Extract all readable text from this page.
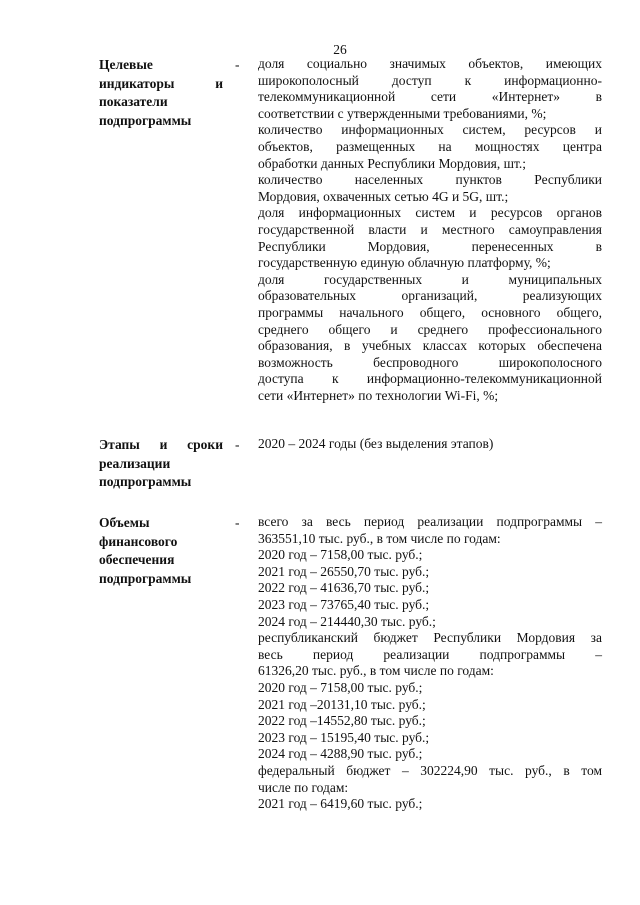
26
Целевые
индикаторы и
показатели
подпрограммы
- доля социально значимых объектов, имеющих
широкополосный доступ к информационно-
телекоммуникационной сети «Интернет» в
соответствии с утвержденными требованиями, %;
количество информационных систем, ресурсов и
объектов, размещенных на мощностях центра
обработки данных Республики Мордовия, шт.;
количество населенных пунктов Республики
Мордовия, охваченных сетью 4G и 5G, шт.;
доля информационных систем и ресурсов органов
государственной власти и местного самоуправления
Республики Мордовия, перенесенных в
государственную единую облачную платформу, %;
доля государственных и муниципальных
образовательных организаций, реализующих
программы начального общего, основного общего,
среднего общего и среднего профессионального
образования, в учебных классах которых обеспечена
возможность беспроводного широкополосного
доступа к информационно-телекоммуникационной
сети «Интернет» по технологии Wi-Fi, %;
Этапы и сроки
реализации
подпрограммы
- 2020 – 2024 годы (без выделения этапов)
Объемы
финансового
обеспечения
подпрограммы
- всего за весь период реализации подпрограммы –
363551,10 тыс. руб., в том числе по годам:
2020 год – 7158,00 тыс. руб.;
2021 год – 26550,70 тыс. руб.;
2022 год – 41636,70 тыс. руб.;
2023 год – 73765,40 тыс. руб.;
2024 год – 214440,30 тыс. руб.;
республиканский бюджет Республики Мордовия за
весь период реализации подпрограммы –
61326,20 тыс. руб., в том числе по годам:
2020 год – 7158,00 тыс. руб.;
2021 год –20131,10 тыс. руб.;
2022 год –14552,80 тыс. руб.;
2023 год – 15195,40 тыс. руб.;
2024 год – 4288,90 тыс. руб.;
федеральный бюджет – 302224,90 тыс. руб., в том
числе по годам:
2021 год – 6419,60 тыс. руб.;
